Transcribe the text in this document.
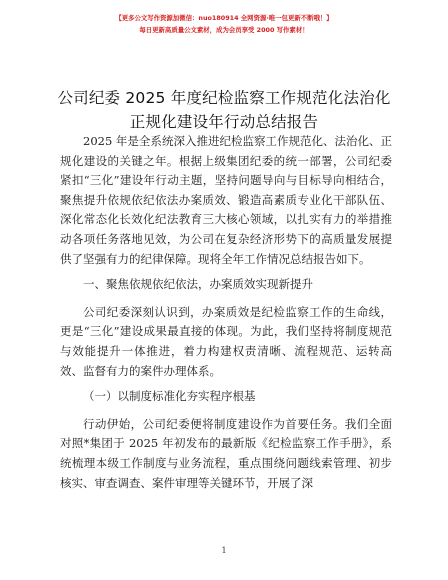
【更多公文写作资源加微信：nuo180914 全网资源·唯一包更新不断哦！】
每日更新高质量公文素材，成为会员享受 2000 写作素材！
公司纪委 2025 年度纪检监察工作规范化法治化
正规化建设年行动总结报告

2025 年是全系统深入推进纪检监察工作规范化、法治化、正规化建设的关键之年。根据上级集团纪委的统一部署，公司纪委紧扣“三化”建设年行动主题，坚持问题导向与目标导向相结合，聚焦提升依规依纪依法办案质效、锻造高素质专业化干部队伍、深化常态化长效化纪法教育三大核心领域，以扎实有力的举措推动各项任务落地见效，为公司在复杂经济形势下的高质量发展提供了坚强有力的纪律保障。现将全年工作情况总结报告如下。

一、聚焦依规依纪依法，办案质效实现新提升

公司纪委深刻认识到，办案质效是纪检监察工作的生命线，更是“三化”建设成果最直接的体现。为此，我们坚持将制度规范与效能提升一体推进，着力构建权责清晰、流程规范、运转高效、监督有力的案件办理体系。

（一）以制度标准化夯实程序根基

行动伊始，公司纪委便将制度建设作为首要任务。我们全面对照*集团于 2025 年初发布的最新版《纪检监察工作手册》，系统梳理本级工作制度与业务流程，重点围绕问题线索管理、初步核实、审查调查、案件审理等关键环节，开展了深

1
